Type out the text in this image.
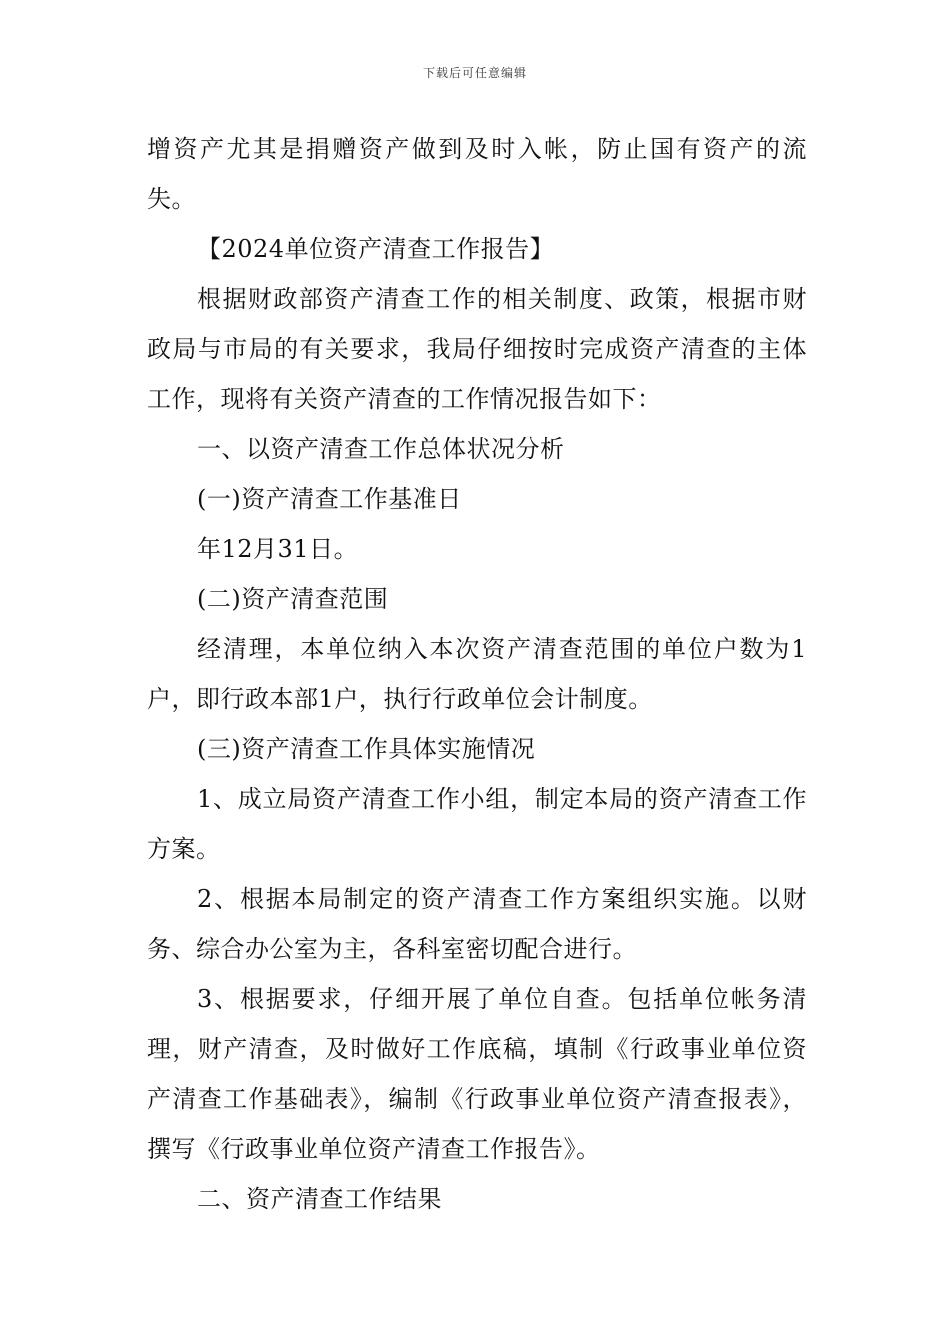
下载后可任意编辑

增资产尤其是捐赠资产做到及时入帐，防止国有资产的流失。

【2024单位资产清查工作报告】

根据财政部资产清查工作的相关制度、政策，根据市财政局与市局的有关要求，我局仔细按时完成资产清查的主体工作，现将有关资产清查的工作情况报告如下：

一、以资产清查工作总体状况分析

(一)资产清查工作基准日

年12月31日。

(二)资产清查范围

经清理，本单位纳入本次资产清查范围的单位户数为1户，即行政本部1户，执行行政单位会计制度。

(三)资产清查工作具体实施情况

1、成立局资产清查工作小组，制定本局的资产清查工作方案。

2、根据本局制定的资产清查工作方案组织实施。以财务、综合办公室为主，各科室密切配合进行。

3、根据要求，仔细开展了单位自查。包括单位帐务清理，财产清查，及时做好工作底稿，填制《行政事业单位资产清查工作基础表》，编制《行政事业单位资产清查报表》，撰写《行政事业单位资产清查工作报告》。

二、资产清查工作结果
